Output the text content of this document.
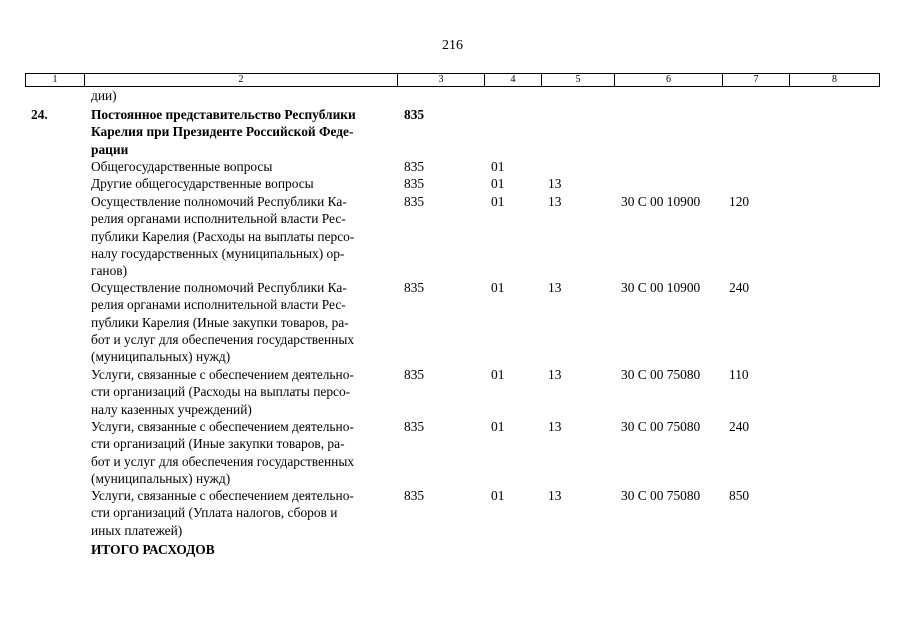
216
1	2	3	4	5	6	7	8
дии)
24.	Постоянное представительство Республики
Карелия при Президенте Российской Феде-
рации
835
Общегосударственные вопросы	835	01
Другие общегосударственные вопросы	835	01	13
Осуществление полномочий Республики Ка-
релия органами исполнительной власти Рес-
публики Карелия (Расходы на выплаты персо-
налу государственных (муниципальных) ор-
ганов)
835	01	13	30 С 00 10900 120
Осуществление полномочий Республики Ка-
релия органами исполнительной власти Рес-
публики Карелия (Иные закупки товаров, ра-
бот и услуг для обеспечения государственных
(муниципальных) нужд)
835	01	13	30 С 00 10900 240
Услуги, связанные с обеспечением деятельно-
сти организаций (Расходы на выплаты персо-
налу казенных учреждений)
835	01	13	30 С 00 75080 110
Услуги, связанные с обеспечением деятельно-
сти организаций (Иные закупки товаров, ра-
бот и услуг для обеспечения государственных
(муниципальных) нужд)
835	01	13	30 С 00 75080 240
Услуги, связанные с обеспечением деятельно-
сти организаций (Уплата налогов, сборов и
иных платежей)
835	01	13	30 С 00 75080 850
ИТОГО РАСХОДОВ
